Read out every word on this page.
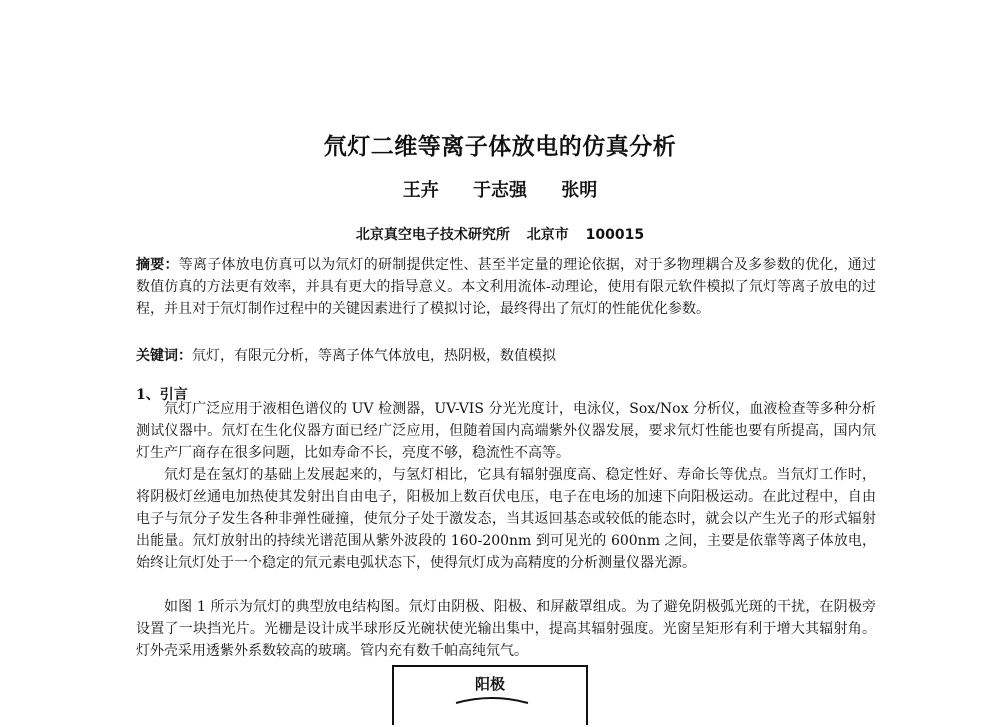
氘灯二维等离子体放电的仿真分析
王卉 于志强 张明
北京真空电子技术研究所 北京市 100015
摘要：等离子体放电仿真可以为氘灯的研制提供定性、甚至半定量的理论依据，对于多物理耦合及多参数的优化，通过数值仿真的方法更有效率，并具有更大的指导意义。本文利用流体-动理论，使用有限元软件模拟了氘灯等离子放电的过程，并且对于氘灯制作过程中的关键因素进行了模拟讨论，最终得出了氘灯的性能优化参数。
关键词：氘灯，有限元分析，等离子体气体放电，热阴极，数值模拟
1、引言
氘灯广泛应用于液相色谱仪的 UV 检测器，UV-VIS 分光光度计，电泳仪，Sox/Nox 分析仪，血液检查等多种分析测试仪器中。氘灯在生化仪器方面已经广泛应用，但随着国内高端紫外仪器发展，要求氘灯性能也要有所提高，国内氘灯生产厂商存在很多问题，比如寿命不长，亮度不够，稳流性不高等。
氘灯是在氢灯的基础上发展起来的，与氢灯相比，它具有辐射强度高、稳定性好、寿命长等优点。当氘灯工作时，将阴极灯丝通电加热使其发射出自由电子，阳极加上数百伏电压，电子在电场的加速下向阳极运动。在此过程中，自由电子与氘分子发生各种非弹性碰撞，使氘分子处于激发态，当其返回基态或较低的能态时，就会以产生光子的形式辐射出能量。氘灯放射出的持续光谱范围从紫外波段的 160-200nm 到可见光的 600nm 之间，主要是依靠等离子体放电，始终让氘灯处于一个稳定的氘元素电弧状态下，使得氘灯成为高精度的分析测量仪器光源。
如图 1 所示为氘灯的典型放电结构图。氘灯由阴极、阳极、和屏蔽罩组成。为了避免阴极弧光斑的干扰，在阴极旁设置了一块挡光片。光栅是设计成半球形反光碗状使光输出集中，提高其辐射强度。光窗呈矩形有利于增大其辐射角。灯外壳采用透紫外系数较高的玻璃。管内充有数千帕高纯氘气。
阳极
